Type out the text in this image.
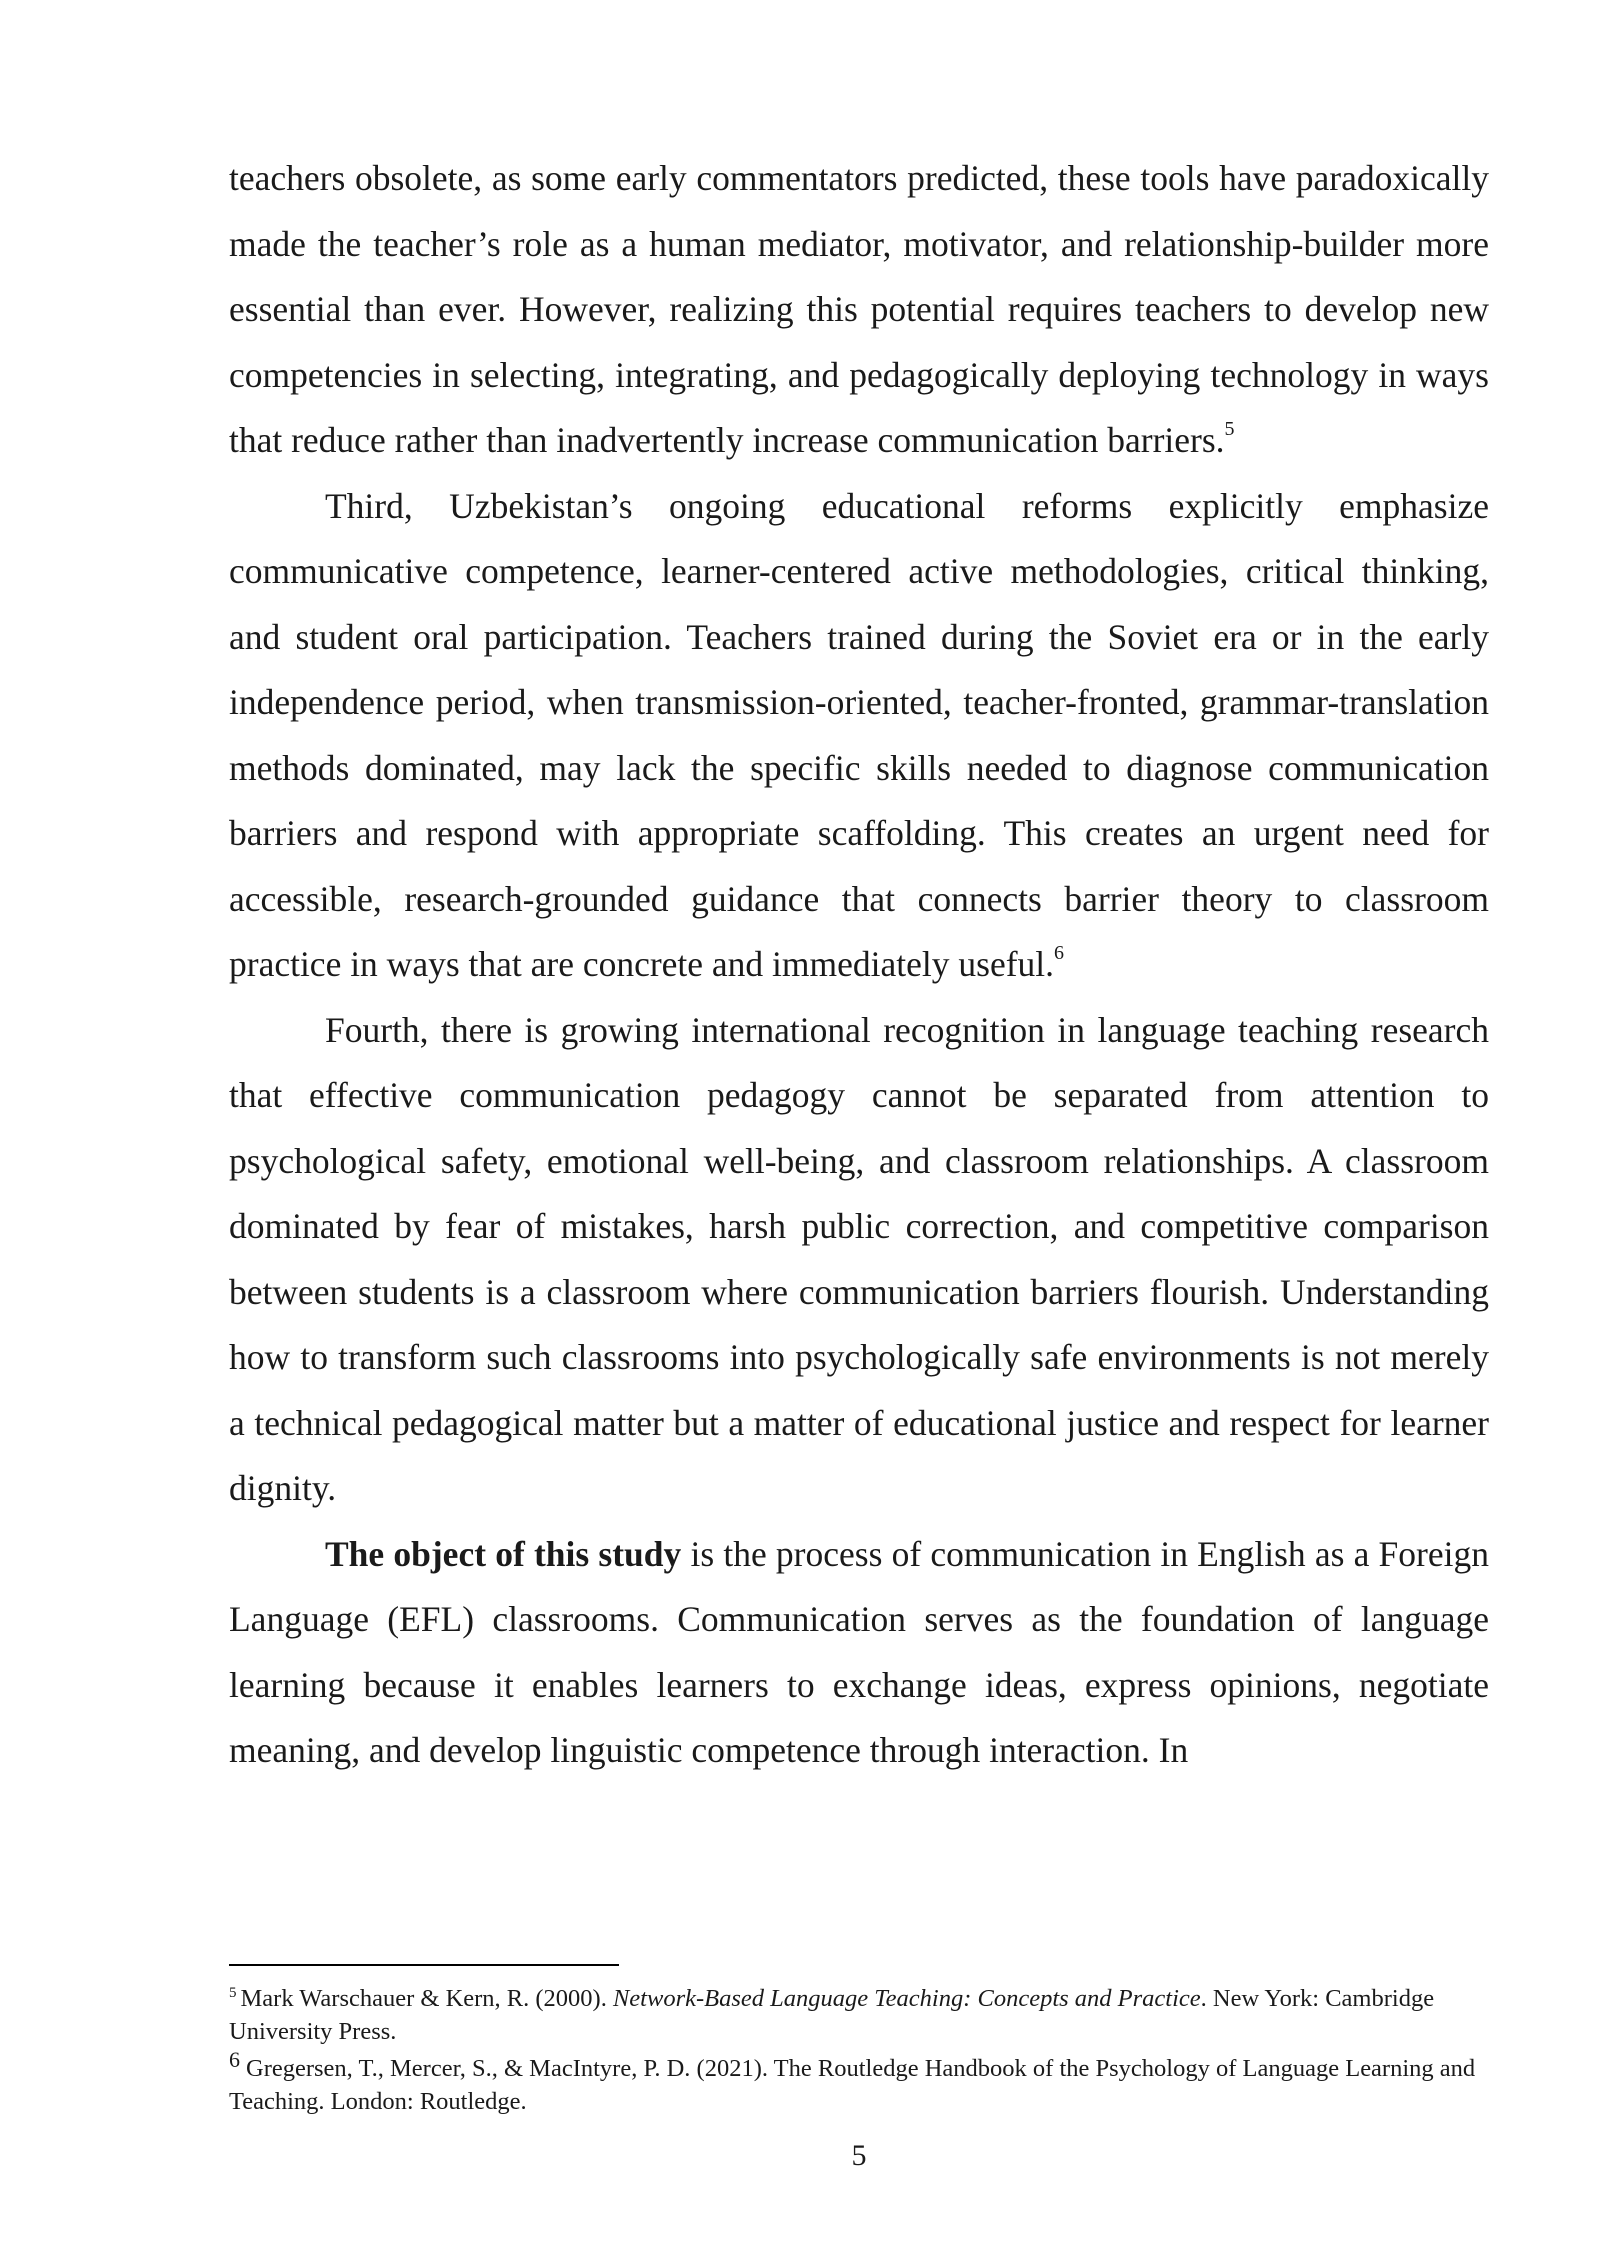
teachers obsolete, as some early commentators predicted, these tools have paradoxically made the teacher’s role as a human mediator, motivator, and relationship-builder more essential than ever. However, realizing this potential requires teachers to develop new competencies in selecting, integrating, and pedagogically deploying technology in ways that reduce rather than inadvertently increase communication barriers.$^5$

Third, Uzbekistan’s ongoing educational reforms explicitly emphasize communicative competence, learner-centered active methodologies, critical thinking, and student oral participation. Teachers trained during the Soviet era or in the early independence period, when transmission-oriented, teacher-fronted, grammar-translation methods dominated, may lack the specific skills needed to diagnose communication barriers and respond with appropriate scaffolding. This creates an urgent need for accessible, research-grounded guidance that connects barrier theory to classroom practice in ways that are concrete and immediately useful.$^6$

Fourth, there is growing international recognition in language teaching research that effective communication pedagogy cannot be separated from attention to psychological safety, emotional well-being, and classroom relationships. A classroom dominated by fear of mistakes, harsh public correction, and competitive comparison between students is a classroom where communication barriers flourish. Understanding how to transform such classrooms into psychologically safe environments is not merely a technical pedagogical matter but a matter of educational justice and respect for learner dignity.

The object of this study is the process of communication in English as a Foreign Language (EFL) classrooms. Communication serves as the foundation of language learning because it enables learners to exchange ideas, express opinions, negotiate meaning, and develop linguistic competence through interaction. In

$^5$ Mark Warschauer & Kern, R. (2000). Network-Based Language Teaching: Concepts and Practice. New York: Cambridge University Press.

$^6$ Gregersen, T., Mercer, S., & MacIntyre, P. D. (2021). The Routledge Handbook of the Psychology of Language Learning and Teaching. London: Routledge.

5
